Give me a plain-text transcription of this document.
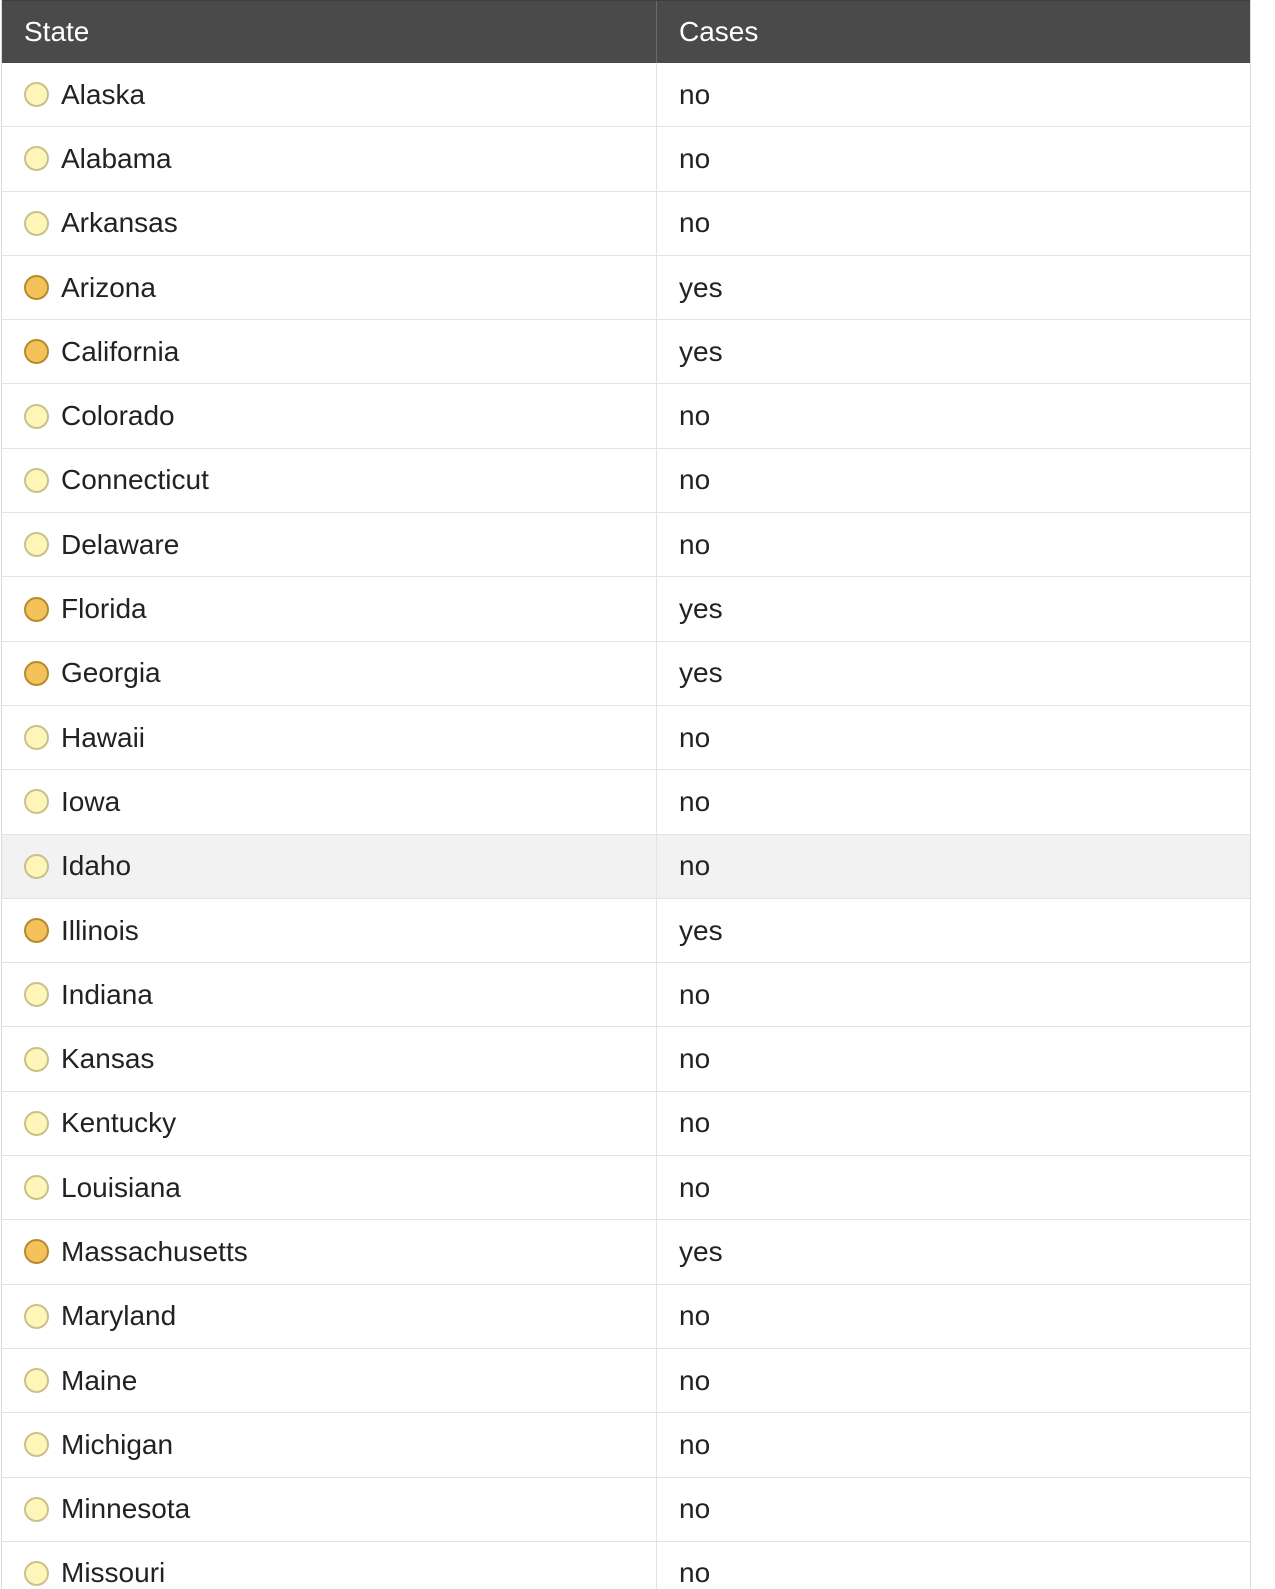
State	Cases
Alaska	no
Alabama	no
Arkansas	no
Arizona	yes
California	yes
Colorado	no
Connecticut	no
Delaware	no
Florida	yes
Georgia	yes
Hawaii	no
Iowa	no
Idaho	no
Illinois	yes
Indiana	no
Kansas	no
Kentucky	no
Louisiana	no
Massachusetts	yes
Maryland	no
Maine	no
Michigan	no
Minnesota	no
Missouri	no
